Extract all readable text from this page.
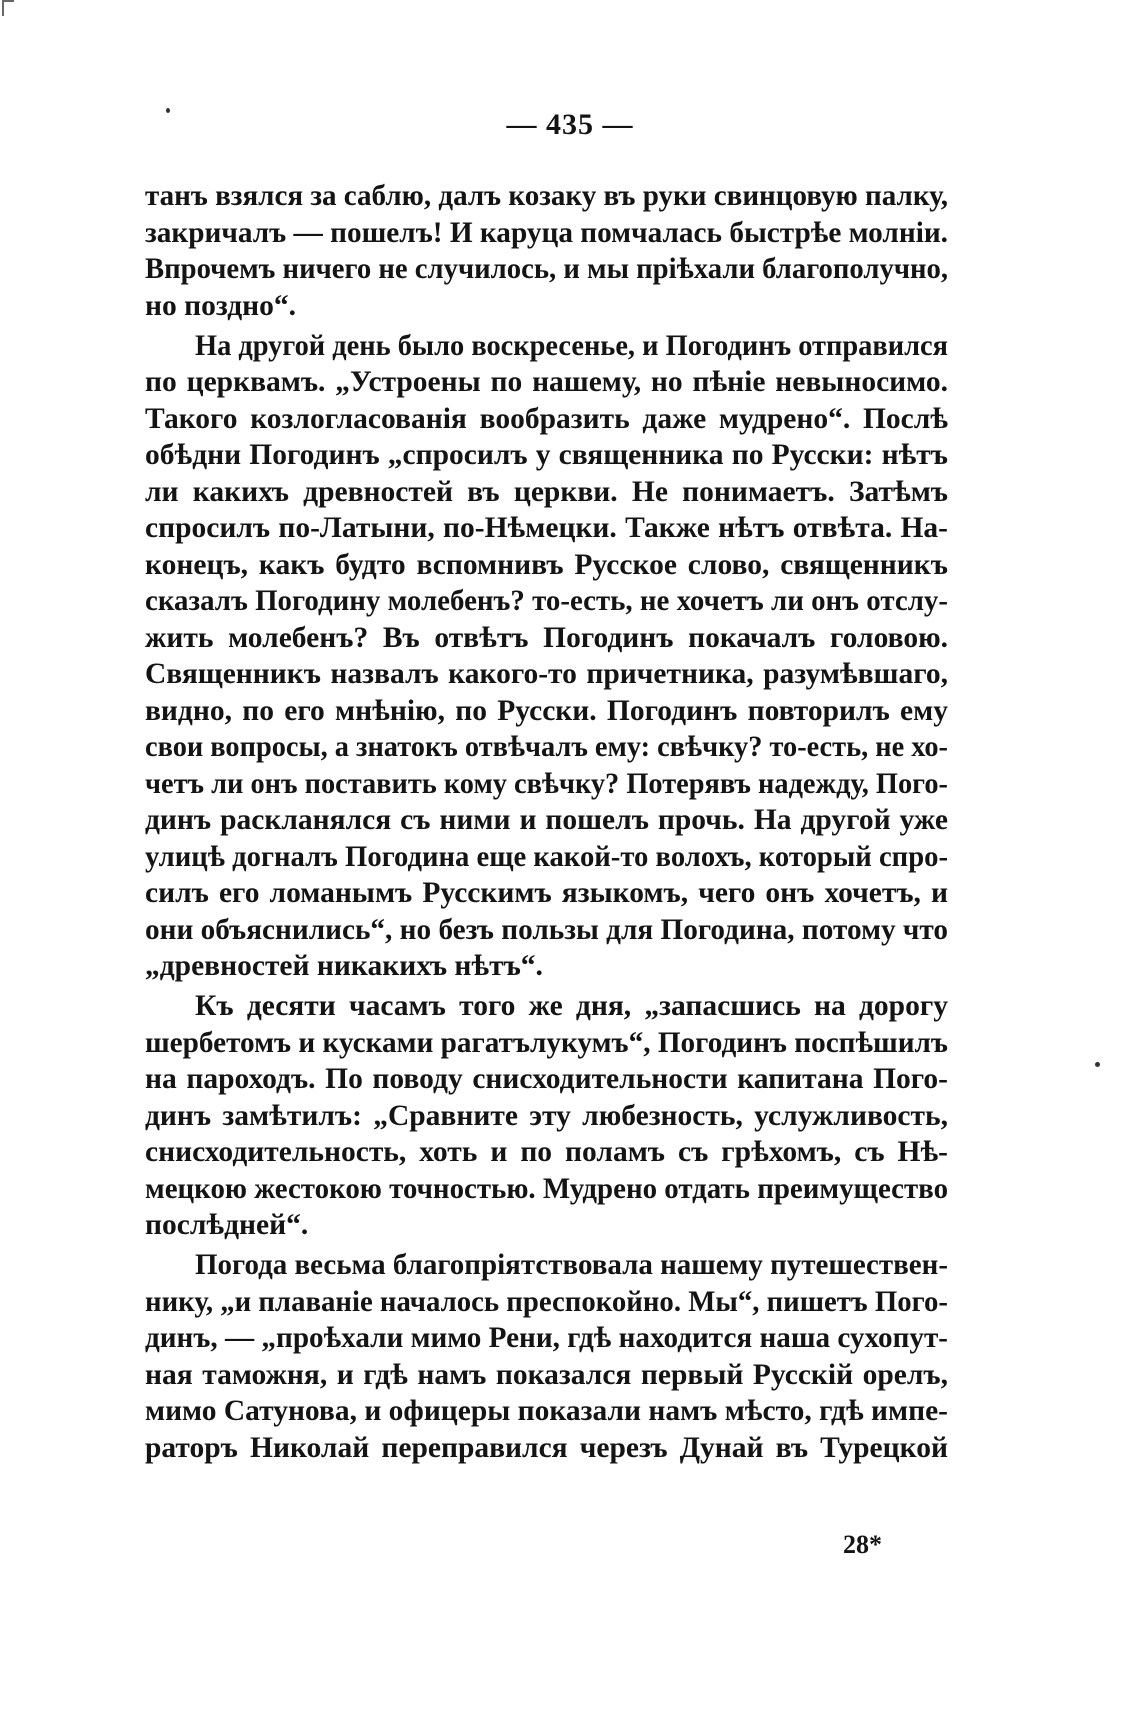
— 435 —

танъ взялся за саблю, далъ козаку въ руки свинцовую палку,
закричалъ — пошелъ! И каруца помчалась быстрѣе молніи.
Впрочемъ ничего не случилось, и мы пріѣхали благополучно,
но поздно“.

На другой день было воскресенье, и Погодинъ отправился
по церквамъ. „Устроены по нашему, но пѣніе невыносимо.
Такого козлогласованія вообразить даже мудрено“. Послѣ
обѣдни Погодинъ „спросилъ у священника по Русски: нѣтъ
ли какихъ древностей въ церкви. Не понимаетъ. Затѣмъ
спросилъ по-Латыни, по-Нѣмецки. Также нѣтъ отвѣта. На-
конецъ, какъ будто вспомнивъ Русское слово, священникъ
сказалъ Погодину молебенъ? то-есть, не хочетъ ли онъ отслу-
жить молебенъ? Въ отвѣтъ Погодинъ покачалъ головою.
Священникъ назвалъ какого-то причетника, разумѣвшаго,
видно, по его мнѣнію, по Русски. Погодинъ повторилъ ему
свои вопросы, а знатокъ отвѣчалъ ему: свѣчку? то-есть, не хо-
четъ ли онъ поставить кому свѣчку? Потерявъ надежду, Пого-
динъ раскланялся съ ними и пошелъ прочь. На другой уже
улицѣ догналъ Погодина еще какой-то волохъ, который спро-
силъ его ломанымъ Русскимъ языкомъ, чего онъ хочетъ, и
они объяснились“, но безъ пользы для Погодина, потому что
„древностей никакихъ нѣтъ“.

Къ десяти часамъ того же дня, „запасшись на дорогу
шербетомъ и кусками рагатълукумъ“, Погодинъ поспѣшилъ
на пароходъ. По поводу снисходительности капитана Пого-
динъ замѣтилъ: „Сравните эту любезность, услужливость,
снисходительность, хоть и по поламъ съ грѣхомъ, съ Нѣ-
мецкою жестокою точностью. Мудрено отдать преимущество
послѣдней“.

Погода весьма благопріятствовала нашему путешествен-
нику, „и плаваніе началось преспокойно. Мы“, пишетъ Пого-
динъ, — „проѣхали мимо Рени, гдѣ находится наша сухопут-
ная таможня, и гдѣ намъ показался первый Русскій орелъ,
мимо Сатунова, и офицеры показали намъ мѣсто, гдѣ импе-
раторъ Николай переправился черезъ Дунай въ Турецкой

28*
